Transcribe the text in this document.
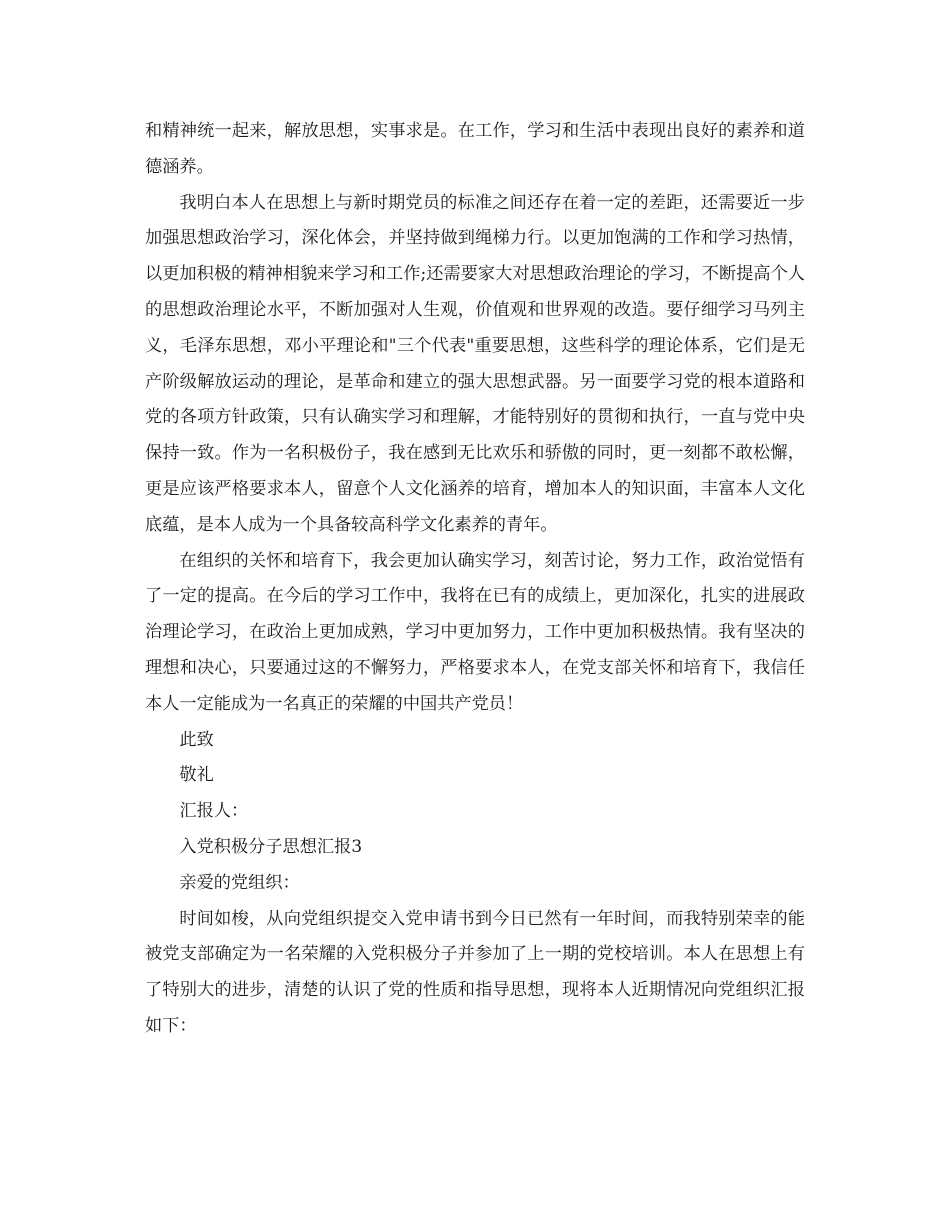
和精神统一起来，解放思想，实事求是。在工作，学习和生活中表现出良好的素养和道德涵养。

我明白本人在思想上与新时期党员的标准之间还存在着一定的差距，还需要近一步加强思想政治学习，深化体会，并坚持做到绳梯力行。以更加饱满的工作和学习热情，以更加积极的精神相貌来学习和工作;还需要家大对思想政治理论的学习，不断提高个人的思想政治理论水平，不断加强对人生观，价值观和世界观的改造。要仔细学习马列主义，毛泽东思想，邓小平理论和"三个代表"重要思想，这些科学的理论体系，它们是无产阶级解放运动的理论，是革命和建立的强大思想武器。另一面要学习党的根本道路和党的各项方针政策，只有认确实学习和理解，才能特别好的贯彻和执行，一直与党中央保持一致。作为一名积极份子，我在感到无比欢乐和骄傲的同时，更一刻都不敢松懈，更是应该严格要求本人，留意个人文化涵养的培育，增加本人的知识面，丰富本人文化底蕴，是本人成为一个具备较高科学文化素养的青年。

在组织的关怀和培育下，我会更加认确实学习，刻苦讨论，努力工作，政治觉悟有了一定的提高。在今后的学习工作中，我将在已有的成绩上，更加深化，扎实的进展政治理论学习，在政治上更加成熟，学习中更加努力，工作中更加积极热情。我有坚决的理想和决心，只要通过这的不懈努力，严格要求本人，在党支部关怀和培育下，我信任本人一定能成为一名真正的荣耀的中国共产党员！

此致

敬礼

汇报人：

入党积极分子思想汇报3

亲爱的党组织：

时间如梭，从向党组织提交入党申请书到今日已然有一年时间，而我特别荣幸的能被党支部确定为一名荣耀的入党积极分子并参加了上一期的党校培训。本人在思想上有了特别大的进步，清楚的认识了党的性质和指导思想，现将本人近期情况向党组织汇报如下：
